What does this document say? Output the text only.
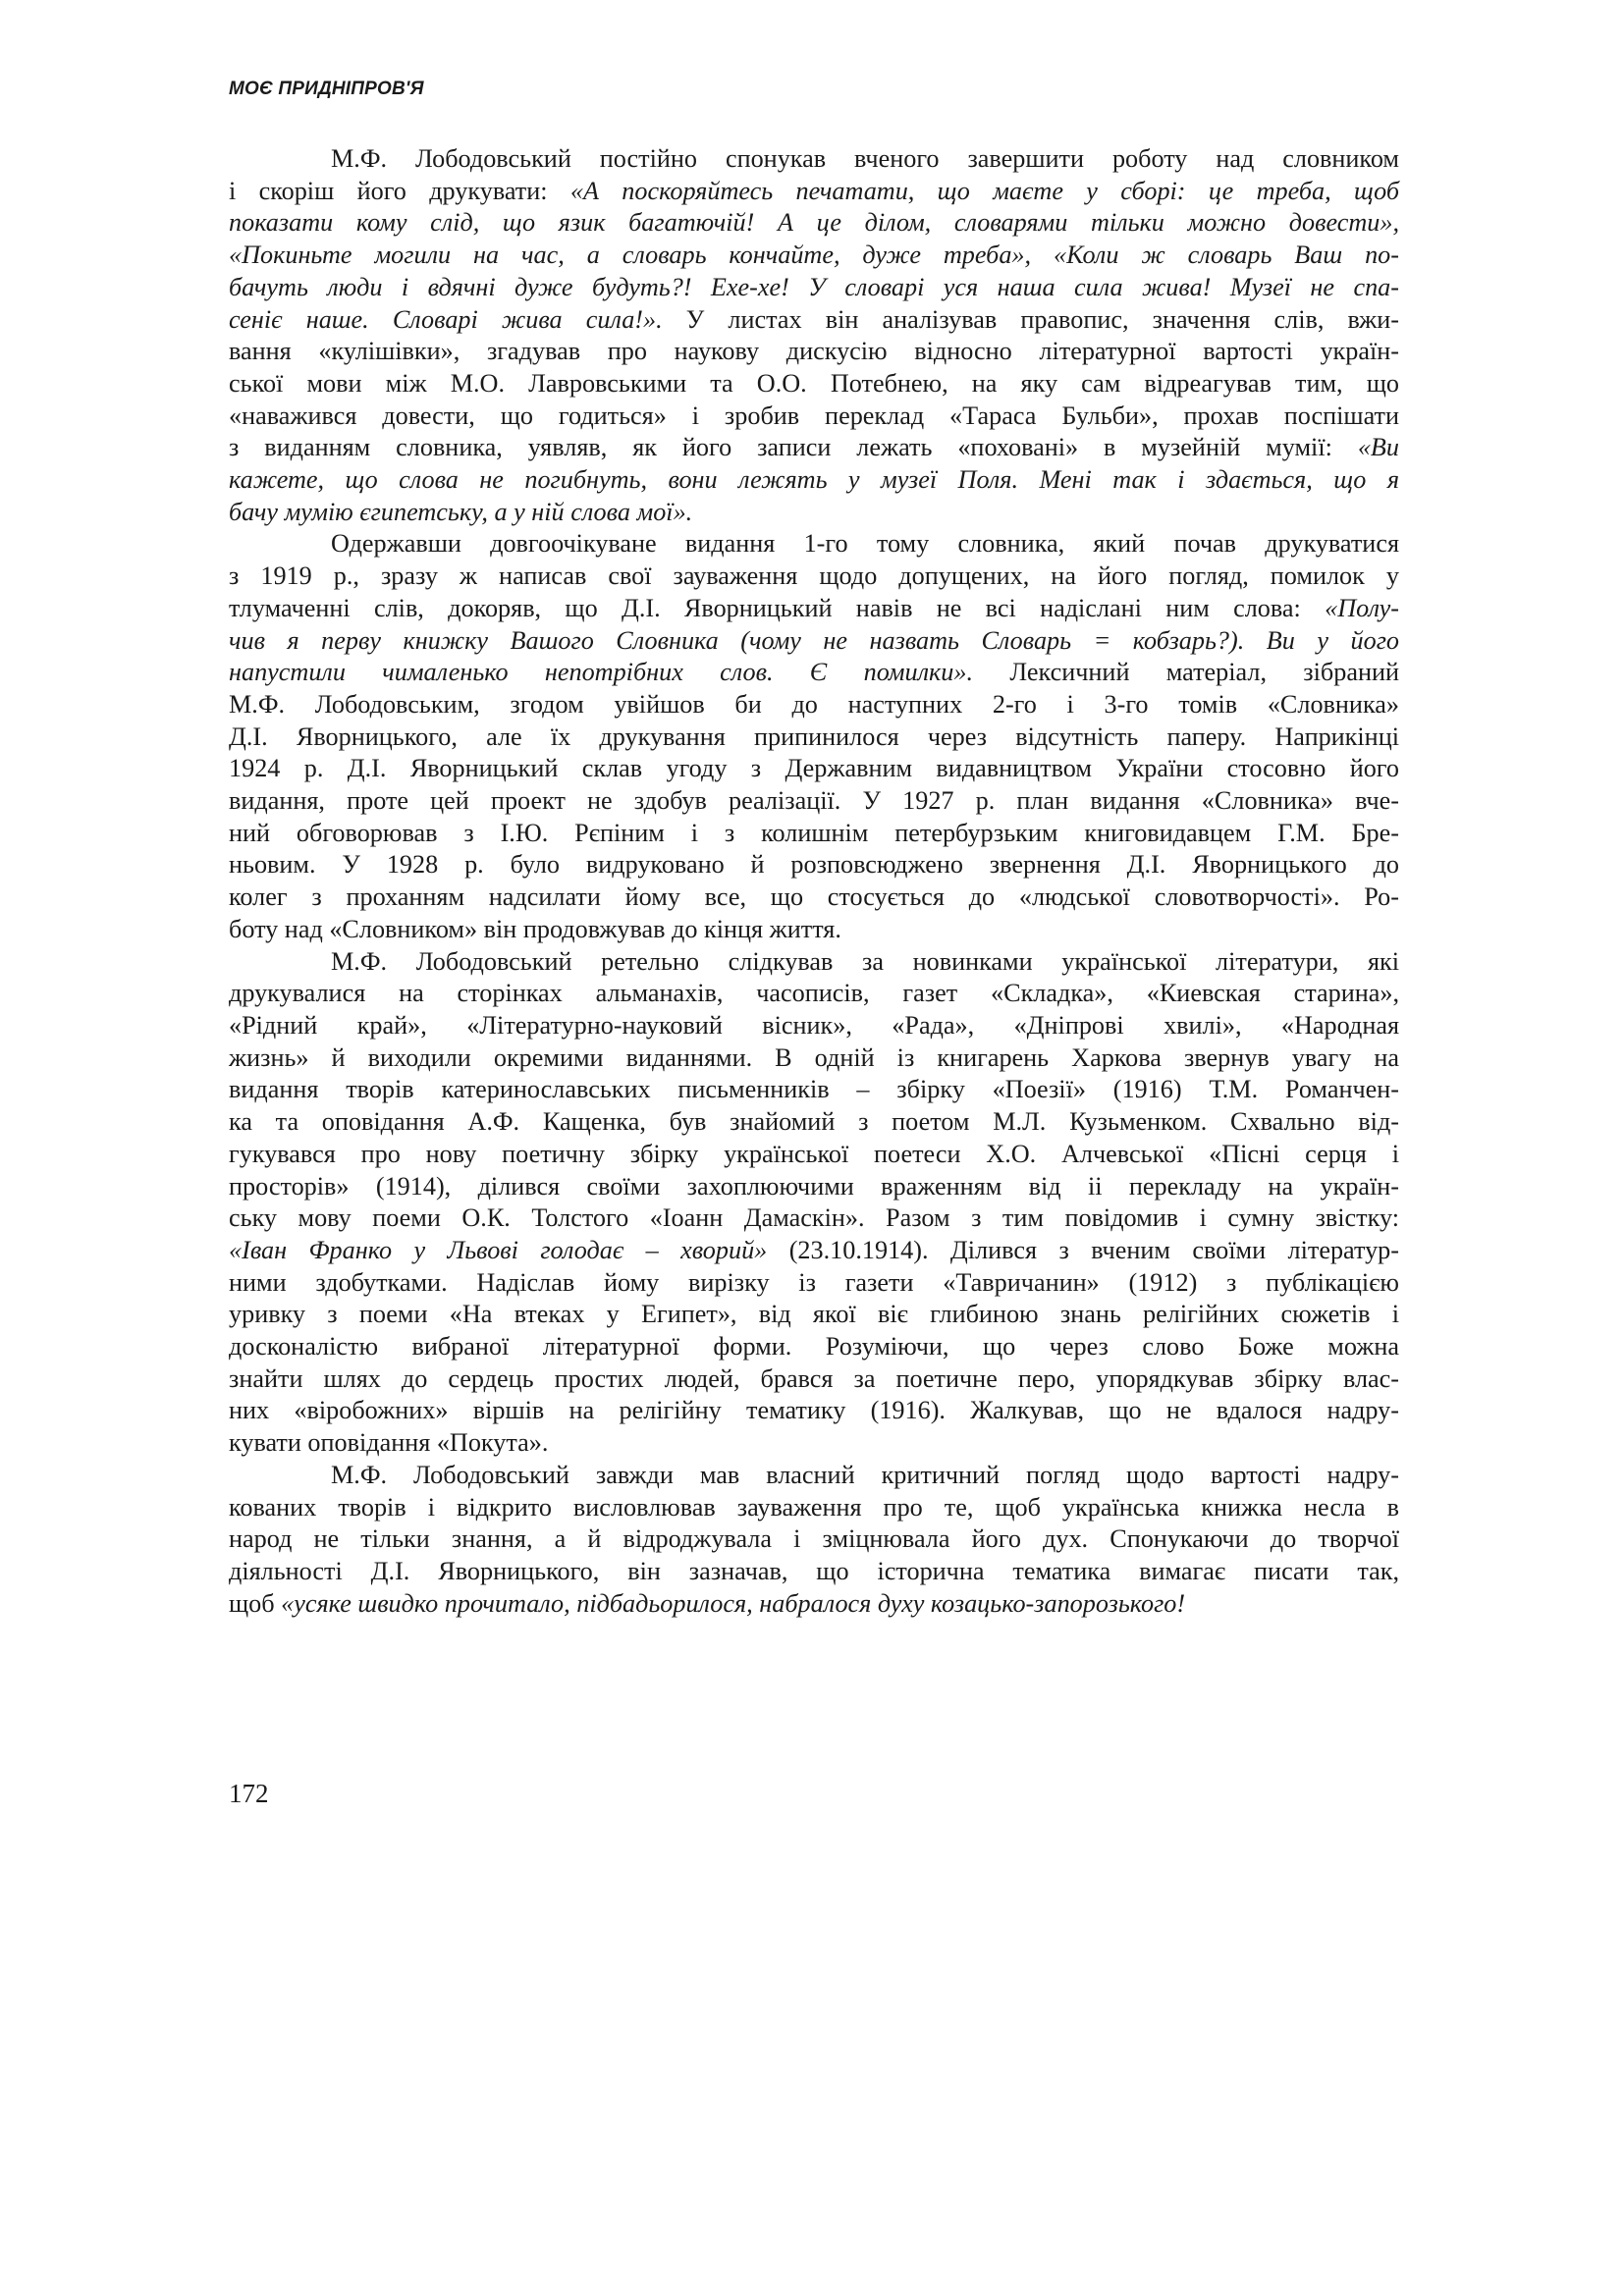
МОЄ ПРИДНІПРОВ'Я
М.Ф. Лободовський постійно спонукав вченого завершити роботу над словником
і скоріш його друкувати: «А поскоряйтесь печатати, що маєте у сборі: це треба, щоб
показати кому слід, що язик багатючій! А це ділом, словарями тільки можно довести»,
«Покиньте могили на час, а словарь кончайте, дуже треба», «Коли ж словарь Ваш по-
бачуть люди і вдячні дуже будуть?! Exe-xe! У словарі уся наша сила жива! Музеї не спа-
сеніє наше. Словарі жива сила!». У листах він аналізував правопис, значення слів, вжи-
вання «кулішівки», згадував про наукову дискусію відносно літературної вартості україн-
ської мови між М.О. Лавровськими та О.О. Потебнею, на яку сам відреагував тим, що
«наважився довести, що годиться» і зробив переклад «Тараса Бульби», прохав поспішати
з виданням словника, уявляв, як його записи лежать «поховані» в музейній мумії: «Ви
кажете, що слова не погибнуть, вони лежять у музеї Поля. Мені так і здається, що я
бачу мумію єгипетську, а у ній слова мої».
Одержавши довгоочікуване видання 1-го тому словника, який почав друкуватися
з 1919 р., зразу ж написав свої зауваження щодо допущених, на його погляд, помилок у
тлумаченні слів, докоряв, що Д.І. Яворницький навів не всі надіслані ним слова: «Полу-
чив я перву книжку Вашого Словника (чому не назвать Словарь = кобзарь?). Ви у його
напустили чималенько непотрібних слов. Є помилки». Лексичний матеріал, зібраний
М.Ф. Лободовським, згодом увійшов би до наступних 2-го і 3-го томів «Словника»
Д.І. Яворницького, але їх друкування припинилося через відсутність паперу. Наприкінці
1924 р. Д.І. Яворницький склав угоду з Державним видавництвом України стосовно його
видання, проте цей проект не здобув реалізації. У 1927 р. план видання «Словника» вче-
ний обговорював з І.Ю. Рєпіним і з колишнім петербурзьким книговидавцем Г.М. Бре-
ньовим. У 1928 р. було видруковано й розповсюджено звернення Д.І. Яворницького до
колег з проханням надсилати йому все, що стосується до «людської словотворчості». Ро-
боту над «Словником» він продовжував до кінця життя.
М.Ф. Лободовський ретельно слідкував за новинками української літератури, які
друкувалися на сторінках альманахів, часописів, газет «Складка», «Киевская старина»,
«Рідний край», «Літературно-науковий вісник», «Рада», «Дніпрові хвилі», «Народная
жизнь» й виходили окремими виданнями. В одній із книгарень Харкова звернув увагу на
видання творів катеринославських письменників – збірку «Поезії» (1916) Т.М. Романчен-
ка та оповідання А.Ф. Кащенка, був знайомий з поетом М.Л. Кузьменком. Схвально від-
гукувався про нову поетичну збірку української поетеси Х.О. Алчевської «Пісні серця і
просторів» (1914), ділився своїми захоплюючими враженням від іі перекладу на україн-
ську мову поеми О.К. Толстого «Іоанн Дамаскін». Разом з тим повідомив і сумну звістку:
«Іван Франко у Львові голодає – хворий» (23.10.1914). Ділився з вченим своїми літератур-
ними здобутками. Надіслав йому вирізку із газети «Тавричанин» (1912) з публікацією
уривку з поеми «На втеках у Египет», від якої віє глибиною знань релігійних сюжетів і
досконалістю вибраної літературної форми. Розуміючи, що через слово Боже можна
знайти шлях до сердець простих людей, брався за поетичне перо, упорядкував збірку влас-
них «віробожних» віршів на релігійну тематику (1916). Жалкував, що не вдалося надру-
кувати оповідання «Покута».
М.Ф. Лободовський завжди мав власний критичний погляд щодо вартості надру-
кованих творів і відкрито висловлював зауваження про те, щоб українська книжка несла в
народ не тільки знання, а й відроджувала і зміцнювала його дух. Спонукаючи до творчої
діяльності Д.І. Яворницького, він зазначав, що історична тематика вимагає писати так,
щоб «усяке швидко прочитало, підбадьорилося, набралося духу козацько-запорозького!
172
